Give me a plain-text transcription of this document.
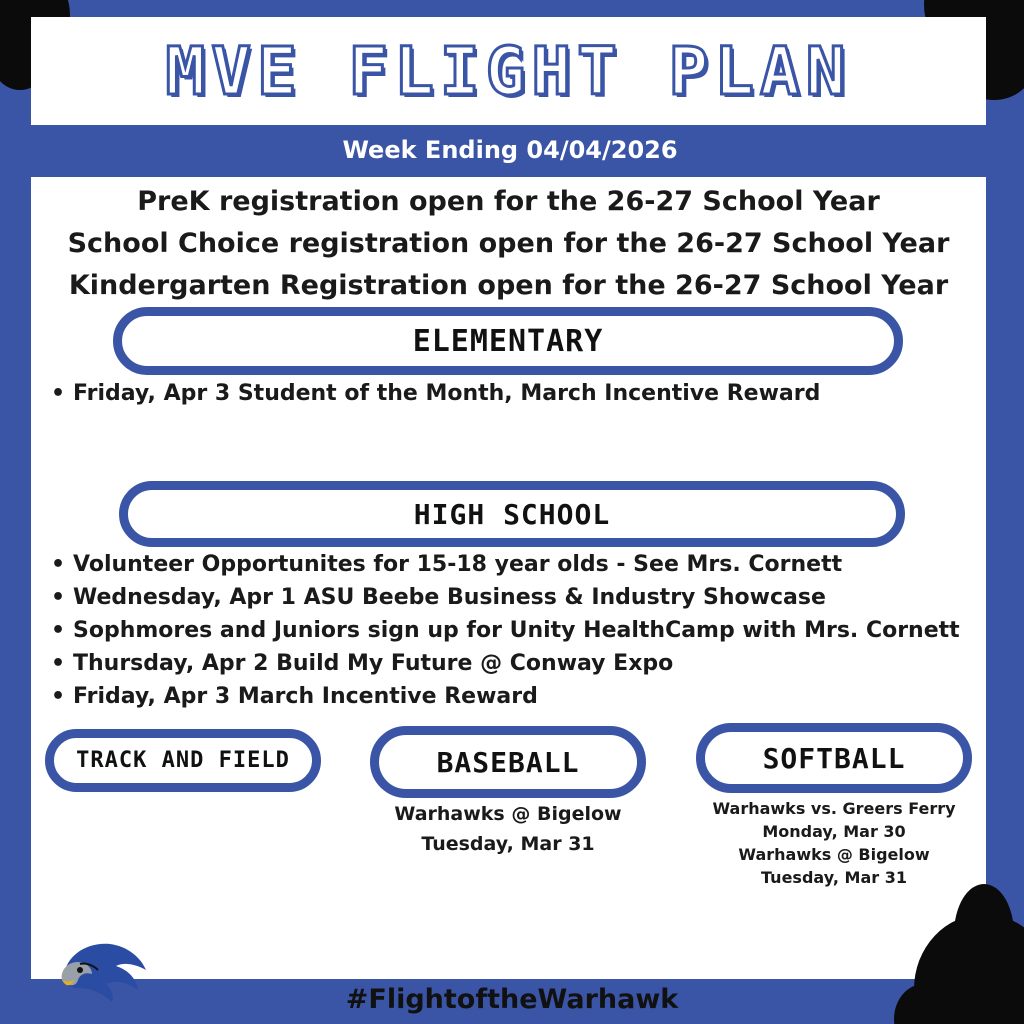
MVE FLIGHT PLAN
Week Ending 04/04/2026
PreK registration open for the 26-27 School Year
School Choice registration open for the 26-27 School Year
Kindergarten Registration open for the 26-27 School Year
ELEMENTARY
• Friday, Apr 3 Student of the Month, March Incentive Reward
HIGH SCHOOL
• Volunteer Opportunites for 15-18 year olds - See Mrs. Cornett
• Wednesday, Apr 1 ASU Beebe Business & Industry Showcase
• Sophmores and Juniors sign up for Unity HealthCamp with Mrs. Cornett
• Thursday, Apr 2 Build My Future @ Conway Expo
• Friday, Apr 3 March Incentive Reward
TRACK AND FIELD	BASEBALL
Warhawks @ Bigelow
Tuesday, Mar 31
SOFTBALL
Warhawks vs. Greers Ferry
Monday, Mar 30
Warhawks @ Bigelow
Tuesday, Mar 31
#FlightoftheWarhawk
